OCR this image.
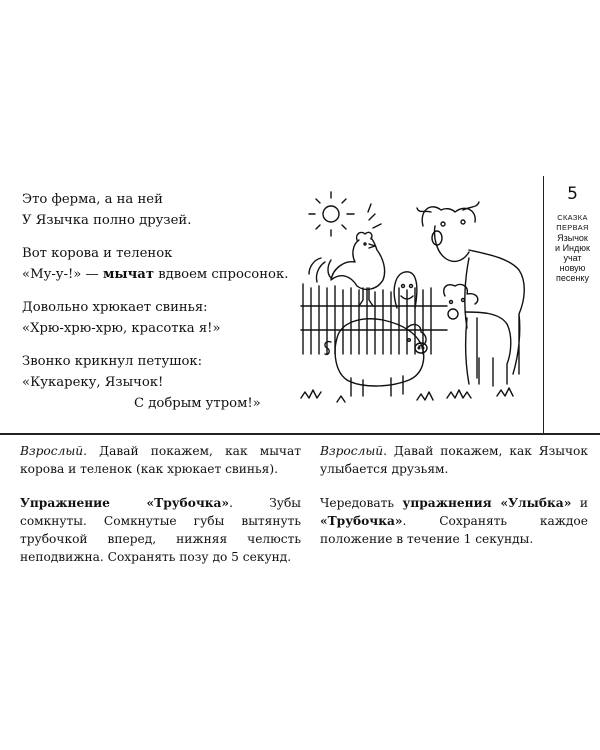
Это ферма, а на ней
У Язычка полно друзей.
Вот корова и теленок
«Му-у-!» — мычат вдвоем спросонок.
Довольно хрюкает свинья:
«Хрю-хрю-хрю, красотка я!»
Звонко крикнул петушок:
«Кукареку, Язычок!
С добрым утром!»
5
СКАЗКА
ПЕРВАЯ
Язычок
и Индюк
учат
новую
песенку

Взрослый. Давай покажем, как мычат корова и теленок (как хрюкает свинья).

Упражнение «Трубочка». Зубы сомкнуты. Сомкнутые губы вытянуть трубочкой вперед, нижняя челюсть неподвижна. Сохранять позу до 5 секунд.

Взрослый. Давай покажем, как Язычок улыбается друзьям.

Чередовать упражнения «Улыбка» и «Трубочка». Сохранять каждое положение в течение 1 секунды.
